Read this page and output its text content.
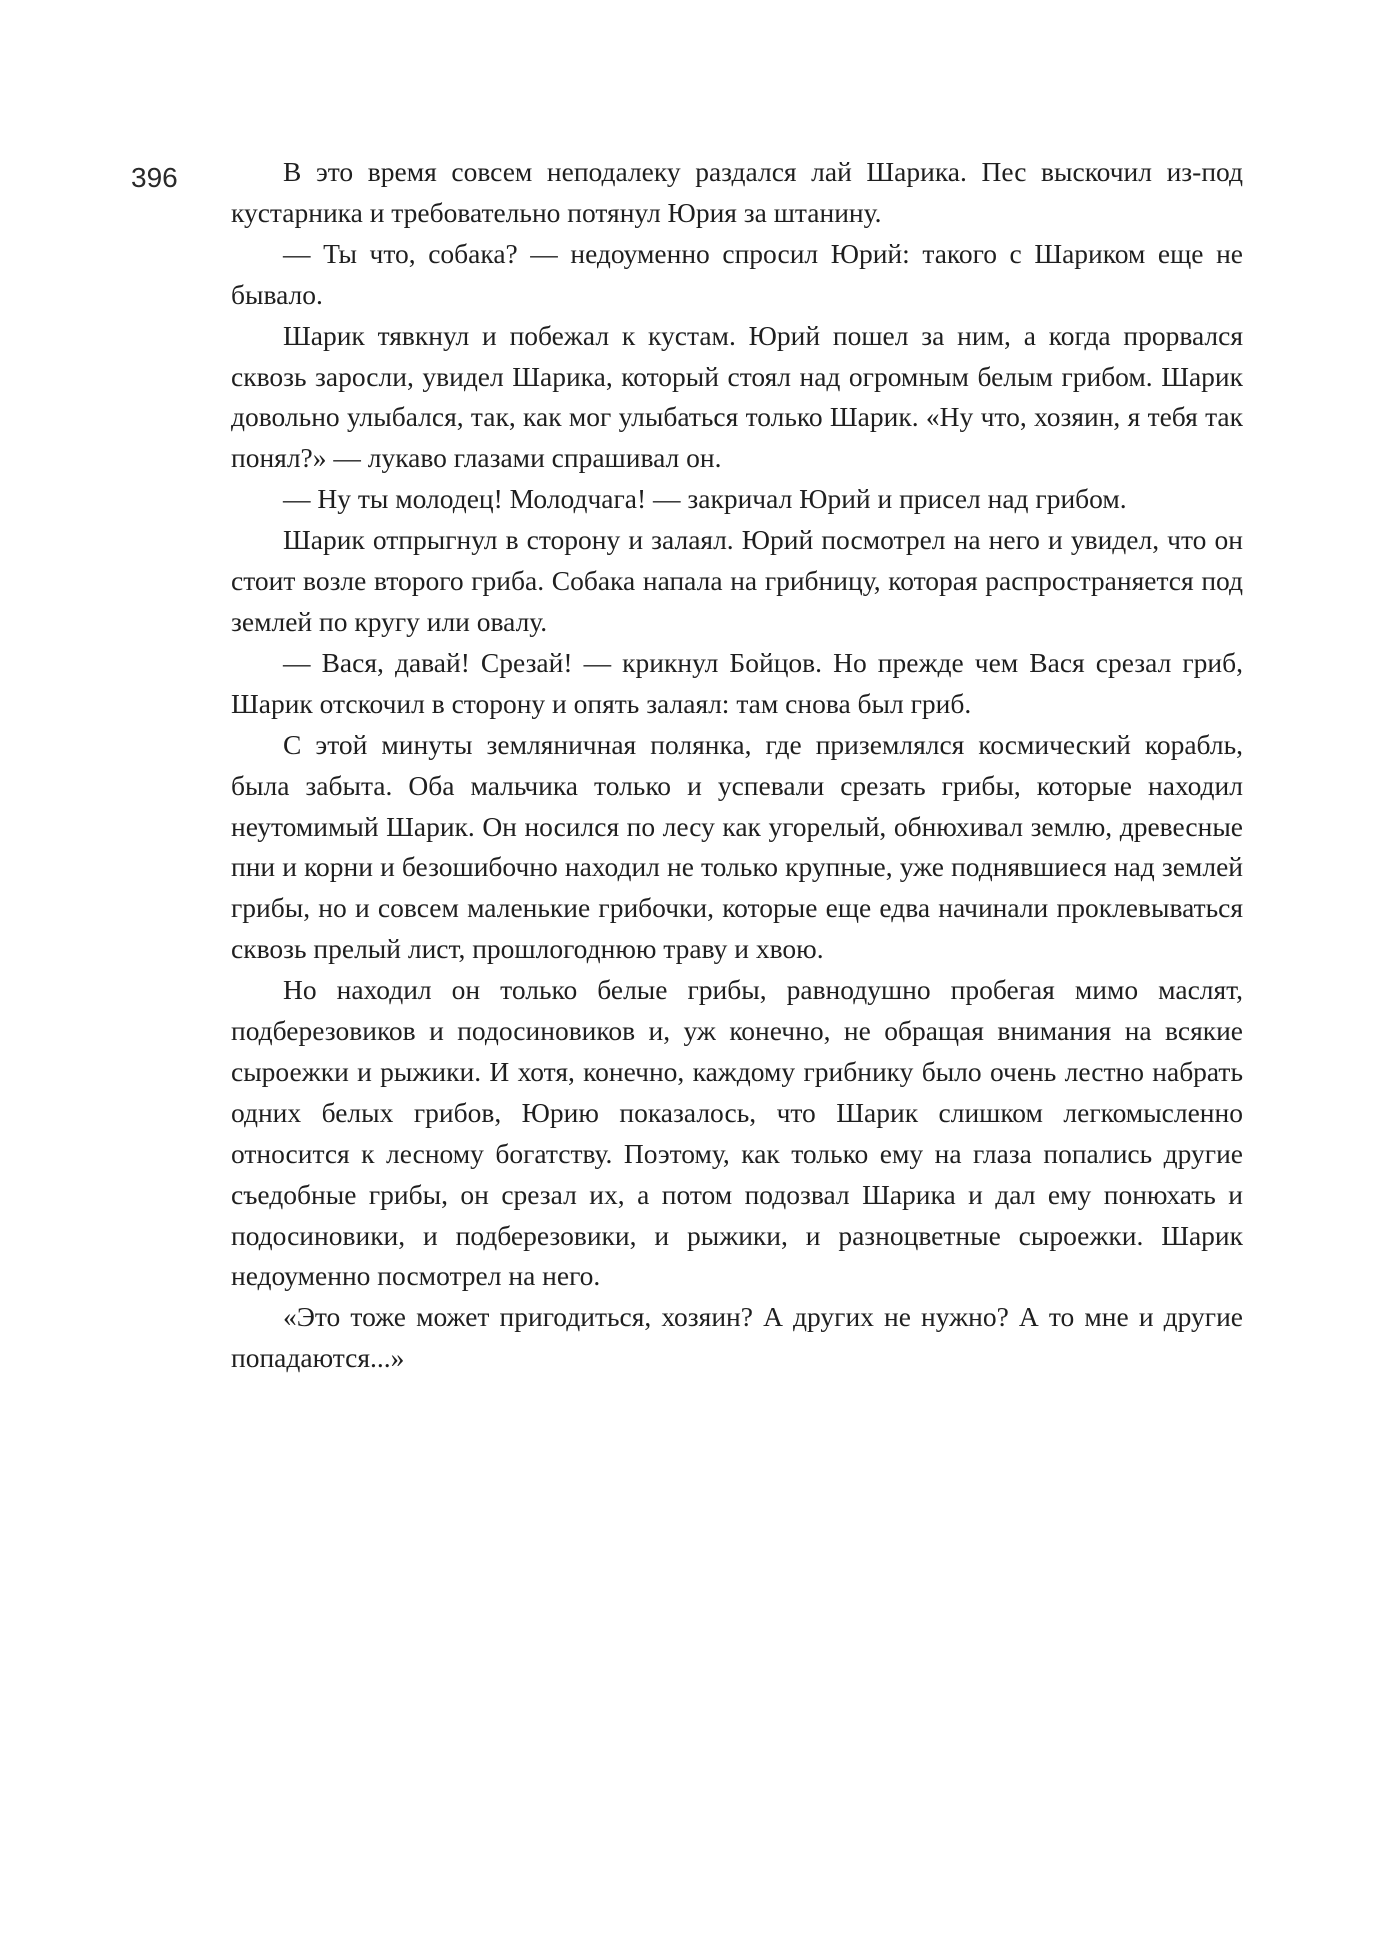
396	В это время совсем неподалеку раздался лай Шарика. Пес выскочил из-под кустарника и требовательно потянул Юрия за штанину.

— Ты что, собака? — недоуменно спросил Юрий: такого с Шариком еще не бывало.

Шарик тявкнул и побежал к кустам. Юрий пошел за ним, а когда прорвался сквозь заросли, увидел Шарика, который стоял над огромным белым грибом. Шарик довольно улыбался, так, как мог улыбаться только Шарик. «Ну что, хозяин, я тебя так понял?» — лукаво глазами спрашивал он.

— Ну ты молодец! Молодчага! — закричал Юрий и присел над грибом.

Шарик отпрыгнул в сторону и залаял. Юрий посмотрел на него и увидел, что он стоит возле второго гриба. Собака напала на грибницу, которая распространяется под землей по кругу или овалу.

— Вася, давай! Срезай! — крикнул Бойцов. Но прежде чем Вася срезал гриб, Шарик отскочил в сторону и опять залаял: там снова был гриб.

С этой минуты земляничная полянка, где приземлялся космический корабль, была забыта. Оба мальчика только и успевали срезать грибы, которые находил неутомимый Шарик. Он носился по лесу как угорелый, обнюхивал землю, древесные пни и корни и безошибочно находил не только крупные, уже поднявшиеся над землей грибы, но и совсем маленькие грибочки, которые еще едва начинали проклевываться сквозь прелый лист, прошлогоднюю траву и хвою.

Но находил он только белые грибы, равнодушно пробегая мимо маслят, подберезовиков и подосиновиков и, уж конечно, не обращая внимания на всякие сыроежки и рыжики. И хотя, конечно, каждому грибнику было очень лестно набрать одних белых грибов, Юрию показалось, что Шарик слишком легкомысленно относится к лесному богатству. Поэтому, как только ему на глаза попались другие съедобные грибы, он срезал их, а потом подозвал Шарика и дал ему понюхать и подосиновики, и подберезовики, и рыжики, и разноцветные сыроежки. Шарик недоуменно посмотрел на него.

«Это тоже может пригодиться, хозяин? А других не нужно? А то мне и другие попадаются...»
